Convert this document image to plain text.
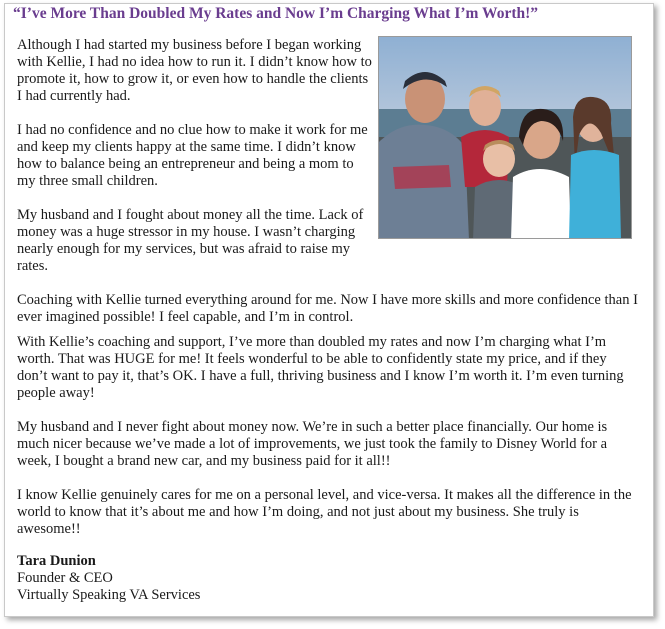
“I’ve More Than Doubled My Rates and Now I’m Charging What I’m Worth!”

Although I had started my business before I began working with Kellie, I had no idea how to run it. I didn’t know how to promote it, how to grow it, or even how to handle the clients I had currently had.

I had no confidence and no clue how to make it work for me and keep my clients happy at the same time. I didn’t know how to balance being an entrepreneur and being a mom to my three small children.

My husband and I fought about money all the time. Lack of money was a huge stressor in my house. I wasn’t charging nearly enough for my services, but was afraid to raise my rates.

Coaching with Kellie turned everything around for me. Now I have more skills and more confidence than I ever imagined possible! I feel capable, and I’m in control.

With Kellie’s coaching and support, I’ve more than doubled my rates and now I’m charging what I’m worth. That was HUGE for me! It feels wonderful to be able to confidently state my price, and if they don’t want to pay it, that’s OK. I have a full, thriving business and I know I’m worth it. I’m even turning people away!

My husband and I never fight about money now. We’re in such a better place financially. Our home is much nicer because we’ve made a lot of improvements, we just took the family to Disney World for a week, I bought a brand new car, and my business paid for it all!!

I know Kellie genuinely cares for me on a personal level, and vice-versa. It makes all the difference in the world to know that it’s about me and how I’m doing, and not just about my business. She truly is awesome!!

Tara Dunion
Founder & CEO
Virtually Speaking VA Services
